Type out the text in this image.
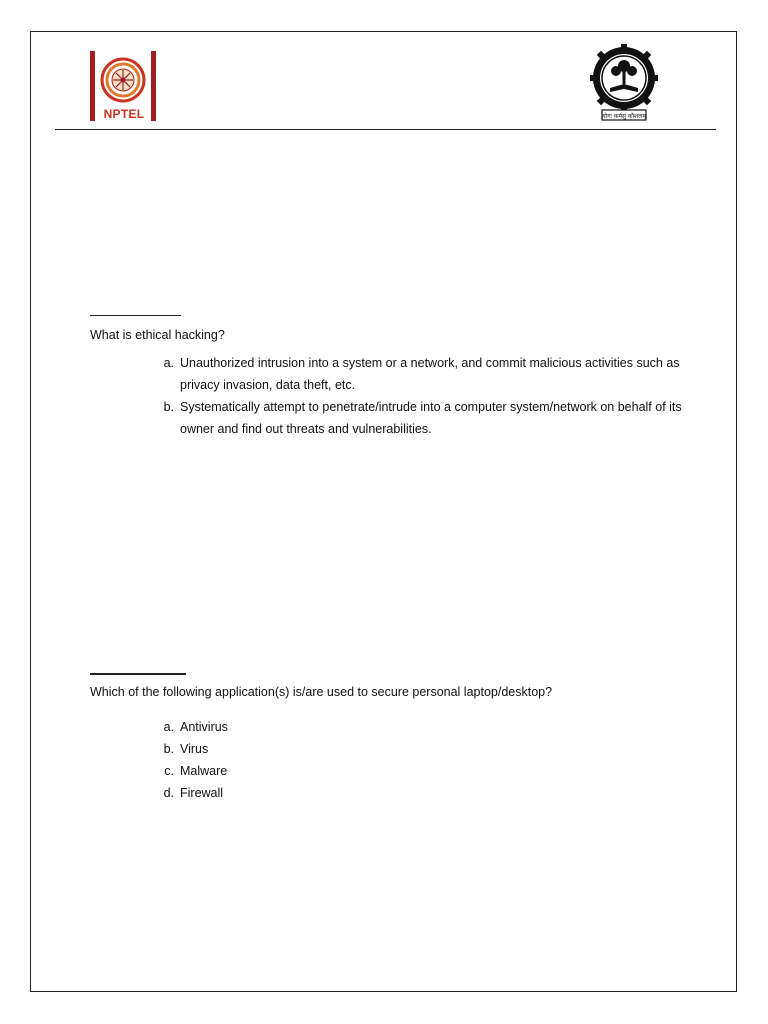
NPTEL	योगः कर्मसु कौशलम्
What is ethical hacking?
a. Unauthorized intrusion into a system or a network, and commit malicious activities such as privacy invasion, data theft, etc.
b. Systematically attempt to penetrate/intrude into a computer system/network on behalf of its owner and find out threats and vulnerabilities.
Which of the following application(s) is/are used to secure personal laptop/desktop?
a. Antivirus
b. Virus
c. Malware
d. Firewall
